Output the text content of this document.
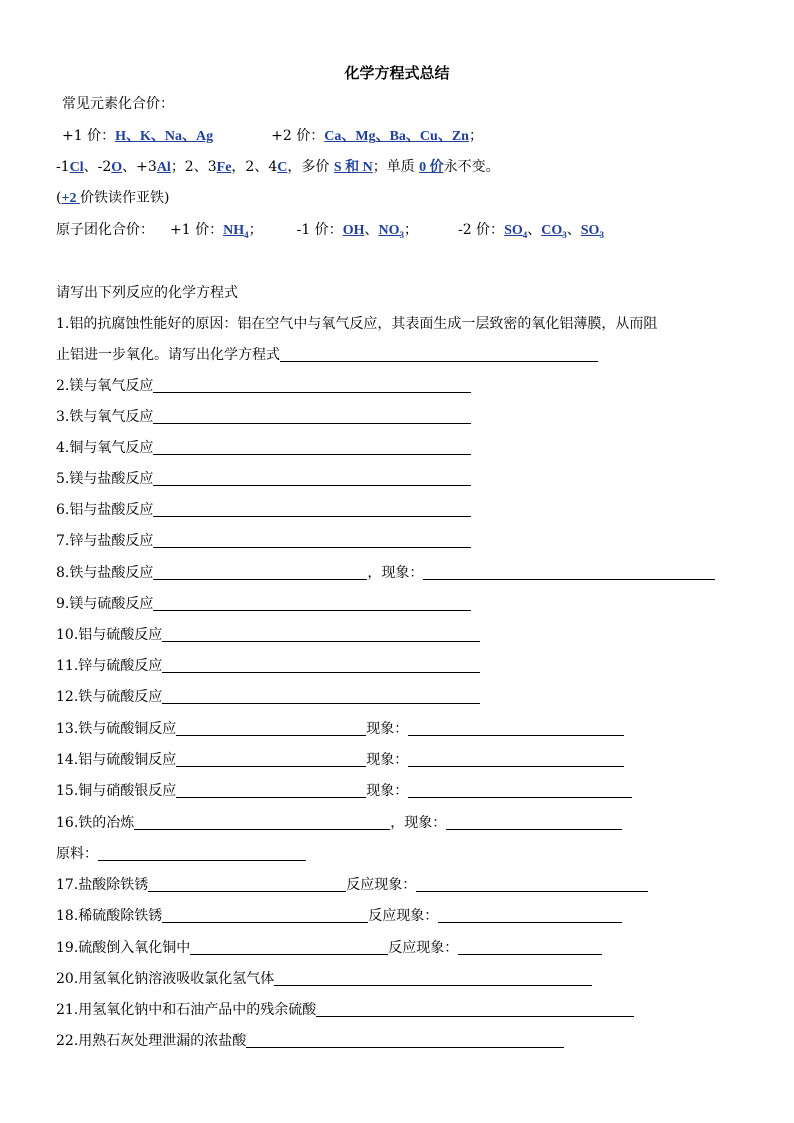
化学方程式总结
常见元素化合价：
+1 价：H、K、Na、Ag	+2 价：Ca、Mg、Ba、Cu、Zn；
-1Cl、-2O、+3Al；2、3Fe，2、4C，多价 S 和 N；单质 0 价永不变。
(+2 价铁读作亚铁)
原子团化合价： +1 价：$NH_4$； -1 价：OH、$NO_3$；	-2 价：$SO_4$、$CO_3$、$SO_3$
请写出下列反应的化学方程式
1.铝的抗腐蚀性能好的原因：铝在空气中与氧气反应，其表面生成一层致密的氧化铝薄膜，从而阻
止铝进一步氧化。请写出化学方程式
2.镁与氧气反应
3.铁与氧气反应
4.铜与氧气反应
5.镁与盐酸反应
6.铝与盐酸反应
7.锌与盐酸反应
8.铁与盐酸反应	，现象：
9.镁与硫酸反应
10.铝与硫酸反应
11.锌与硫酸反应
12.铁与硫酸反应
13.铁与硫酸铜反应	现象：
14.铝与硫酸铜反应	现象：
15.铜与硝酸银反应	现象：
16.铁的冶炼	，现象：
原料：
17.盐酸除铁锈	反应现象：
18.稀硫酸除铁锈	反应现象：
19.硫酸倒入氧化铜中	反应现象：
20.用氢氧化钠溶液吸收氯化氢气体
21.用氢氧化钠中和石油产品中的残余硫酸
22.用熟石灰处理泄漏的浓盐酸
